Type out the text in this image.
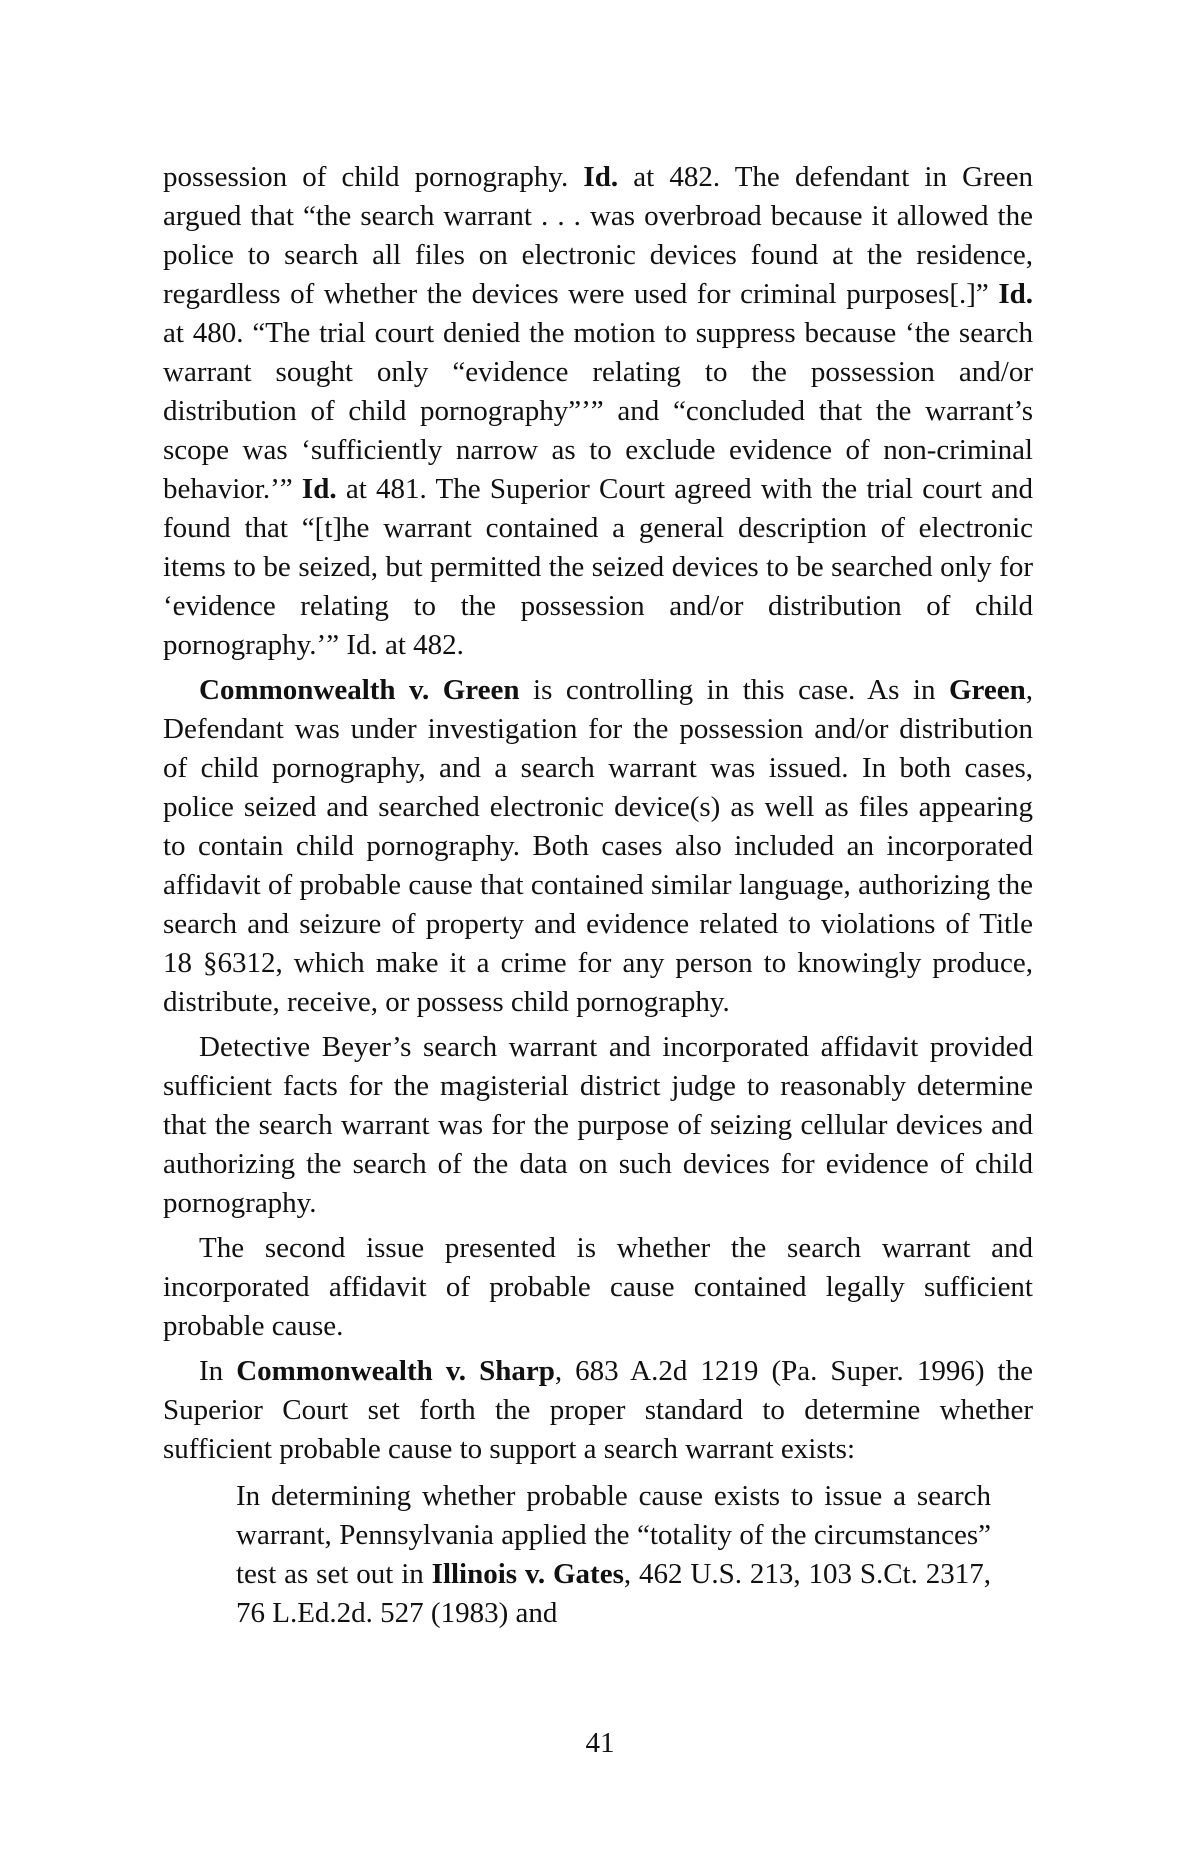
possession of child pornography. Id. at 482. The defendant in Green argued that “the search warrant . . . was overbroad because it allowed the police to search all files on electronic devices found at the residence, regardless of whether the devices were used for criminal purposes[.]” Id. at 480. “The trial court denied the motion to suppress because ‘the search warrant sought only “evidence relating to the possession and/or distribution of child pornography”’” and “concluded that the warrant’s scope was ‘sufficiently narrow as to exclude evidence of non-criminal behavior.’” Id. at 481. The Superior Court agreed with the trial court and found that “[t]he warrant contained a general description of electronic items to be seized, but permitted the seized devices to be searched only for ‘evidence relating to the possession and/or distribution of child pornography.’” Id. at 482.

Commonwealth v. Green is controlling in this case. As in Green, Defendant was under investigation for the possession and/or distribution of child pornography, and a search warrant was issued. In both cases, police seized and searched electronic device(s) as well as files appearing to contain child pornography. Both cases also included an incorporated affidavit of probable cause that contained similar language, authorizing the search and seizure of property and evidence related to violations of Title 18 §6312, which make it a crime for any person to knowingly produce, distribute, receive, or possess child pornography.

Detective Beyer’s search warrant and incorporated affidavit provided sufficient facts for the magisterial district judge to reasonably determine that the search warrant was for the purpose of seizing cellular devices and authorizing the search of the data on such devices for evidence of child pornography.

The second issue presented is whether the search warrant and incorporated affidavit of probable cause contained legally sufficient probable cause.

In Commonwealth v. Sharp, 683 A.2d 1219 (Pa. Super. 1996) the Superior Court set forth the proper standard to determine whether sufficient probable cause to support a search warrant exists:

In determining whether probable cause exists to issue a search warrant, Pennsylvania applied the “totality of the circumstances” test as set out in Illinois v. Gates, 462 U.S. 213, 103 S.Ct. 2317, 76 L.Ed.2d. 527 (1983) and

41
